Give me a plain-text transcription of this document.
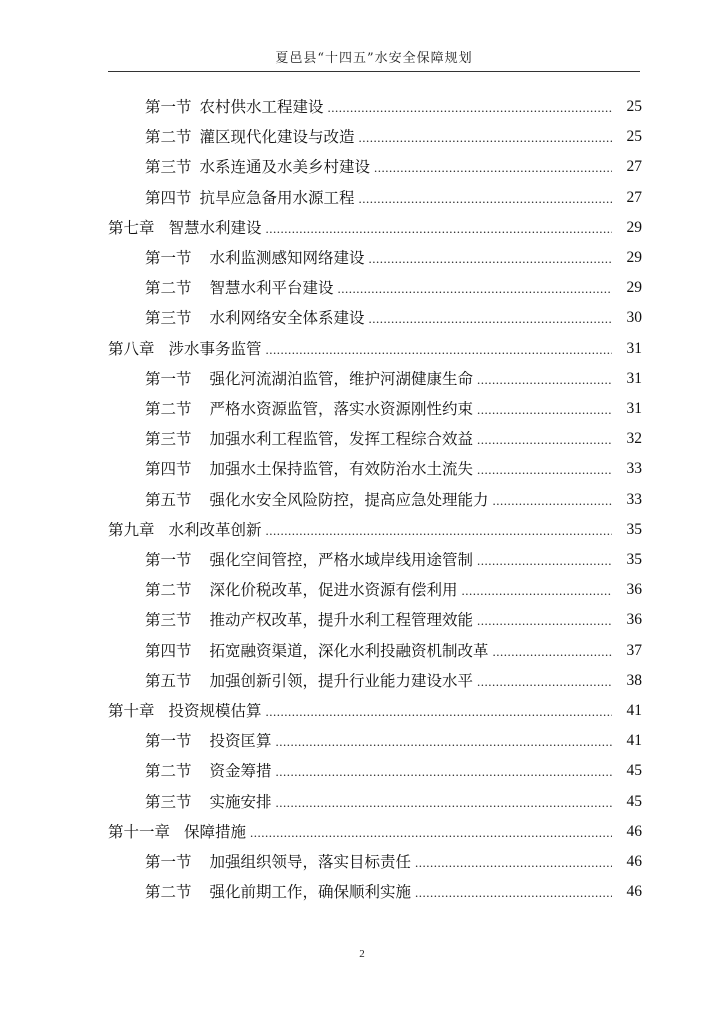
夏邑县“十四五”水安全保障规划
第一节 农村供水工程建设 .....	25
第二节 灌区现代化建设与改造 .....	25
第三节 水系连通及水美乡村建设 .....	27
第四节 抗旱应急备用水源工程 .....	27
第七章 智慧水利建设 .....	29
第一节 水利监测感知网络建设 .....	29
第二节 智慧水利平台建设 .....	29
第三节 水利网络安全体系建设 .....	30
第八章 涉水事务监管 .....	31
第一节 强化河流湖泊监管，维护河湖健康生命 .....	31
第二节 严格水资源监管，落实水资源刚性约束 .....	31
第三节 加强水利工程监管，发挥工程综合效益 .....	32
第四节 加强水土保持监管，有效防治水土流失 .....	33
第五节 强化水安全风险防控，提高应急处理能力 .....	33
第九章 水利改革创新 .....	35
第一节 强化空间管控，严格水域岸线用途管制 .....	35
第二节 深化价税改革，促进水资源有偿利用 .....	36
第三节 推动产权改革，提升水利工程管理效能 .....	36
第四节 拓宽融资渠道，深化水利投融资机制改革 .....	37
第五节 加强创新引领，提升行业能力建设水平 .....	38
第十章 投资规模估算 .....	41
第一节 投资匡算 .....	41
第二节 资金筹措 .....	45
第三节 实施安排 .....	45
第十一章 保障措施 .....	46
第一节 加强组织领导，落实目标责任 .....	46
第二节 强化前期工作，确保顺利实施 .....	46
2
